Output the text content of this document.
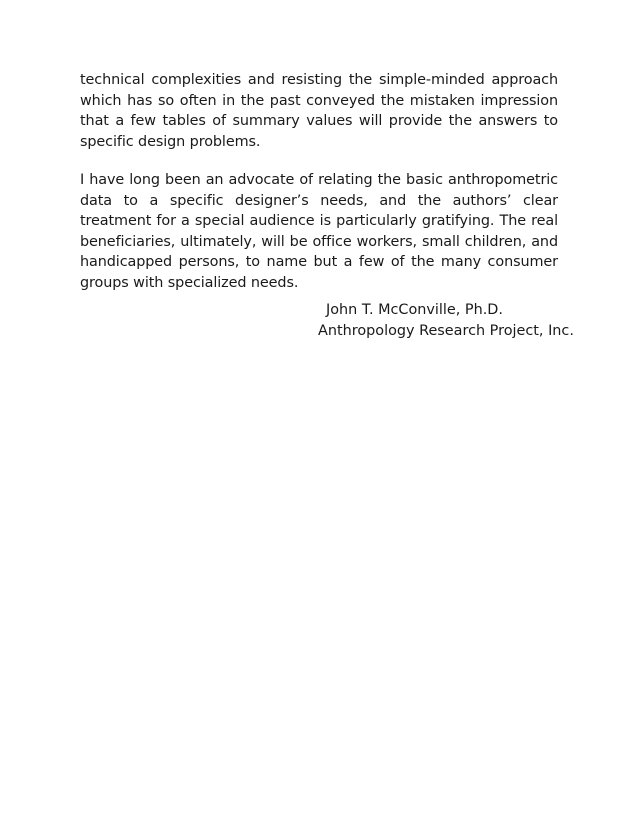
technical complexities and resisting the simple-minded approach which has so often in the past conveyed the mistaken impression that a few tables of summary values will provide the answers to specific design problems.

I have long been an advocate of relating the basic anthropometric data to a specific designer’s needs, and the authors’ clear treatment for a special audience is particularly gratifying. The real beneficiaries, ultimately, will be office workers, small children, and handicapped persons, to name but a few of the many consumer groups with specialized needs.

John T. McConville, Ph.D.
Anthropology Research Project, Inc.
